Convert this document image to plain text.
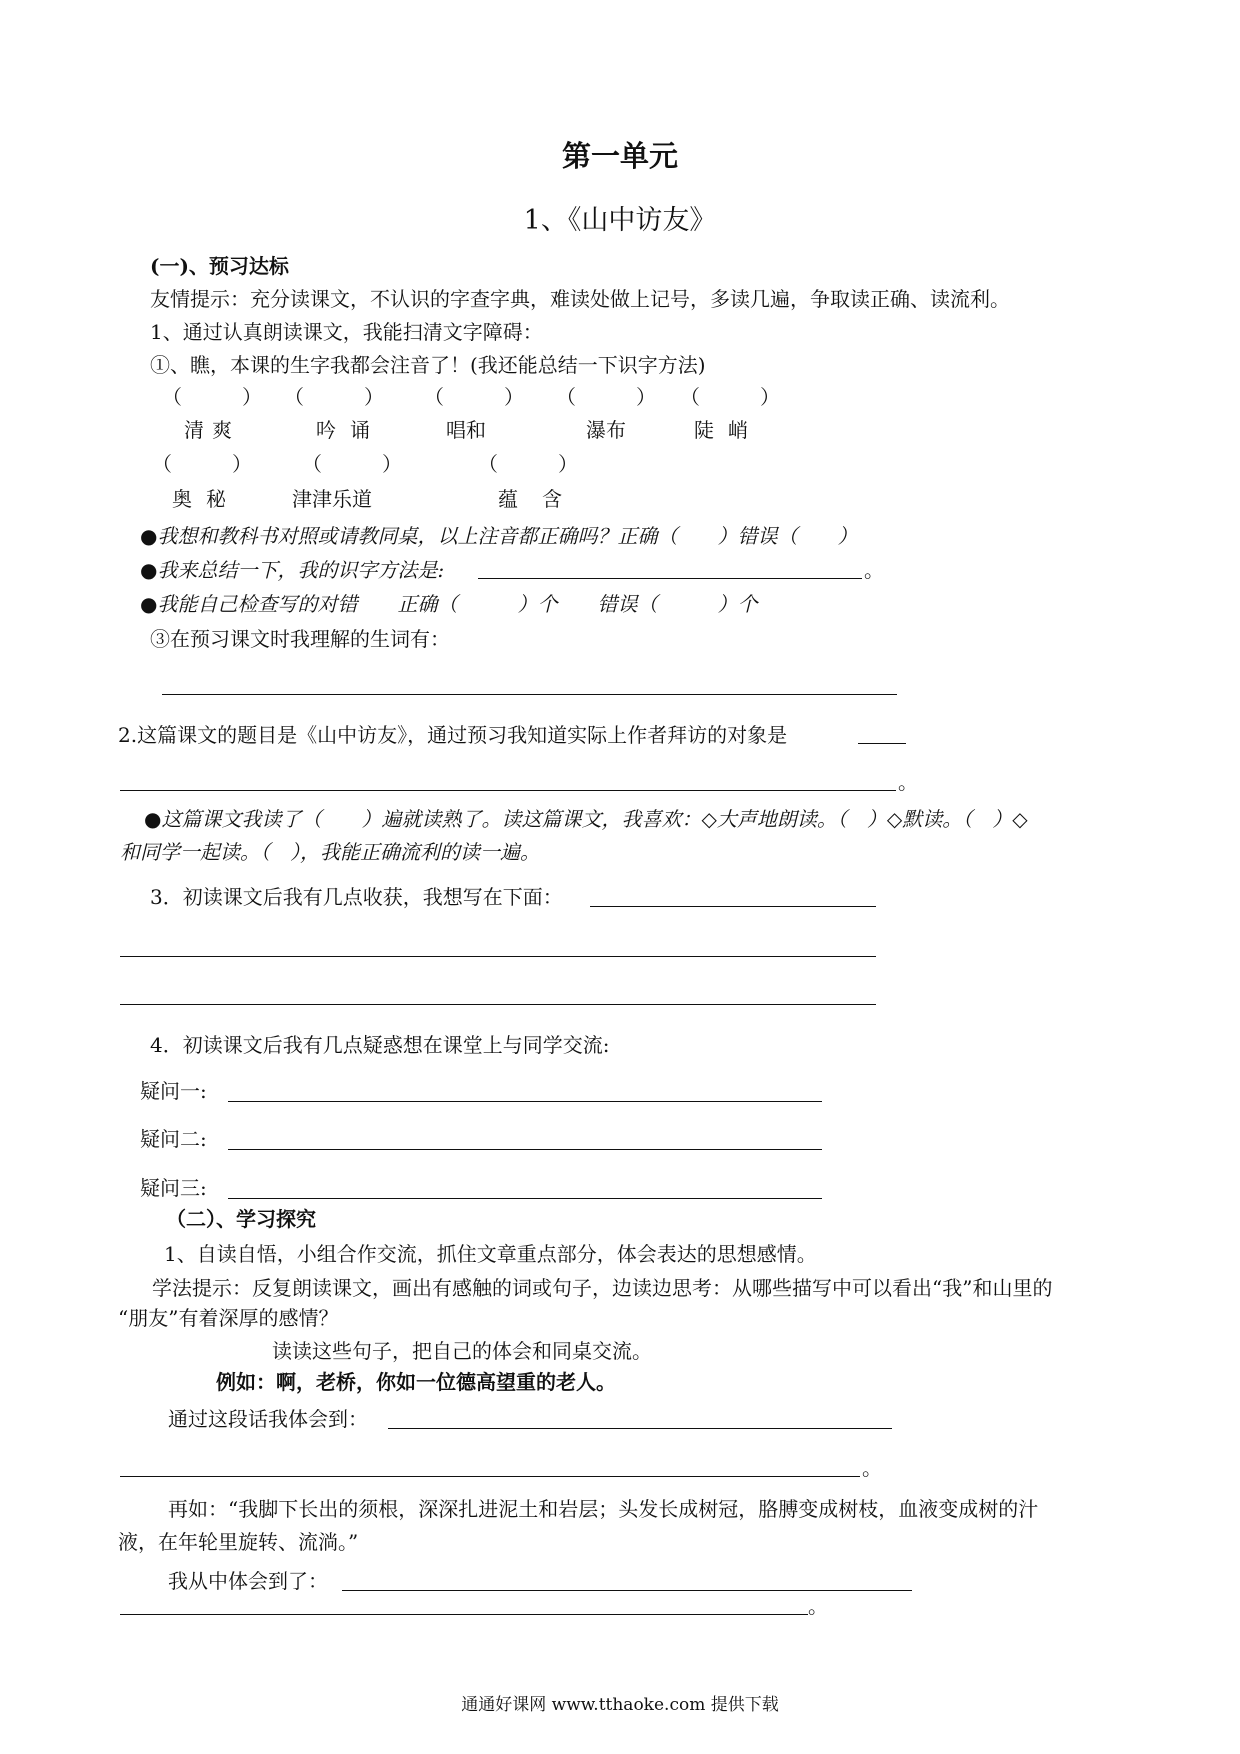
第一单元
1、《山中访友》
(一)、预习达标
友情提示：充分读课文，不认识的字查字典，难读处做上记号，多读几遍，争取读正确、读流利。
1、通过认真朗读课文，我能扫清文字障碍：
①、瞧，本课的生字我都会注音了！(我还能总结一下识字方法)
（　　　） （　　　） （　　　） （　　　） （　　　）
清爽	吟诵	唱和	瀑布	陡峭
（　　　）	（　　　）	（　　　）
奥秘	津津乐道	蕴含
●我想和教科书对照或请教同桌，以上注音都正确吗？正确（　　）错误（　　）
●我来总结一下，我的识字方法是:	。
●我能自己检查写的对错　　正确（　　　）个　　错误（　　　）个
③在预习课文时我理解的生词有：
2.这篇课文的题目是《山中访友》，通过预习我知道实际上作者拜访的对象是
。
●这篇课文我读了（　　）遍就读熟了。读这篇课文，我喜欢：◇大声地朗读。（　）◇默读。（　）◇
和同学一起读。（　），我能正确流利的读一遍。
3．初读课文后我有几点收获，我想写在下面：
4．初读课文后我有几点疑惑想在课堂上与同学交流:
疑问一:
疑问二:
疑问三:
（二）、学习探究
1、自读自悟，小组合作交流，抓住文章重点部分，体会表达的思想感情。
学法提示：反复朗读课文，画出有感触的词或句子，边读边思考：从哪些描写中可以看出“我”和山里的
“朋友”有着深厚的感情？
读读这些句子，把自己的体会和同桌交流。
例如：啊，老桥，你如一位德高望重的老人。
通过这段话我体会到：
。
再如：“我脚下长出的须根，深深扎进泥土和岩层；头发长成树冠，胳膊变成树枝，血液变成树的汁
液，在年轮里旋转、流淌。”
我从中体会到了：
。
通通好课网 www.tthaoke.com 提供下载
